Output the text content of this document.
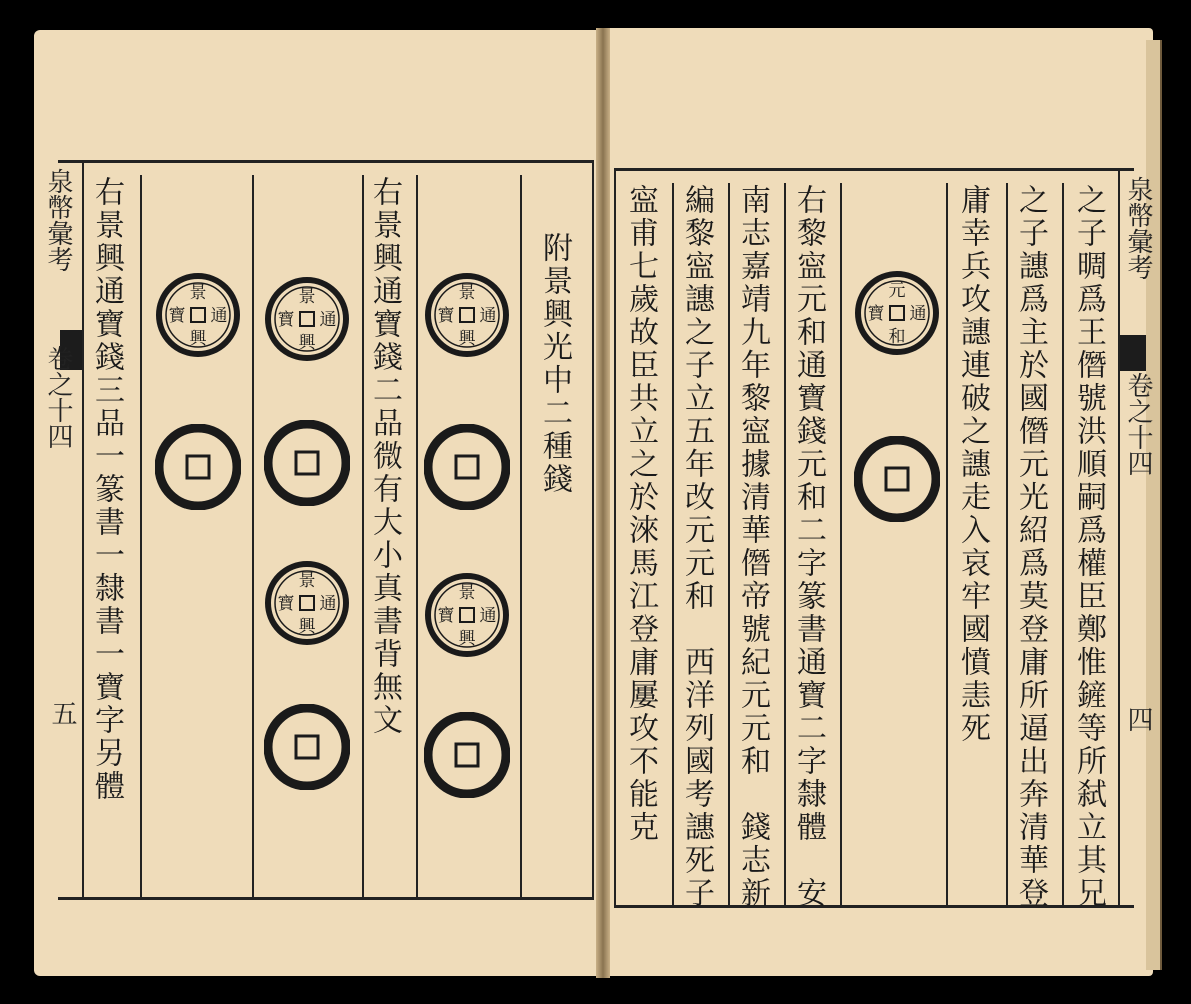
泉幣彙考
卷之十四
五
附景興光中二種錢
右景興通寶錢二品微有大小真書背無文
右景興通寶錢三品一篆書一隸書一寶字另體	景
通
興
寶
景
通
興
寶
景
通
興
寶
景
通
興
寶
景
通
興
寶
泉幣彙考
卷之十四
四
之子晭爲王僭號洪順嗣爲權臣鄭惟鏟等所弑立其兄
之子譓爲主於國僭元光紹爲莫登庸所逼出奔清華登
庸幸兵攻譓連破之譓走入哀牢國憤恚死
右黎寍元和通寶錢元和二字篆書通寶二字隸體　安
南志嘉靖九年黎寍據清華僭帝號紀元元和　錢志新
編黎寍譓之子立五年改元元和　西洋列國考譓死子
寍甫七歲故臣共立之於淶馬江登庸屢攻不能克	元
通
和
寶
